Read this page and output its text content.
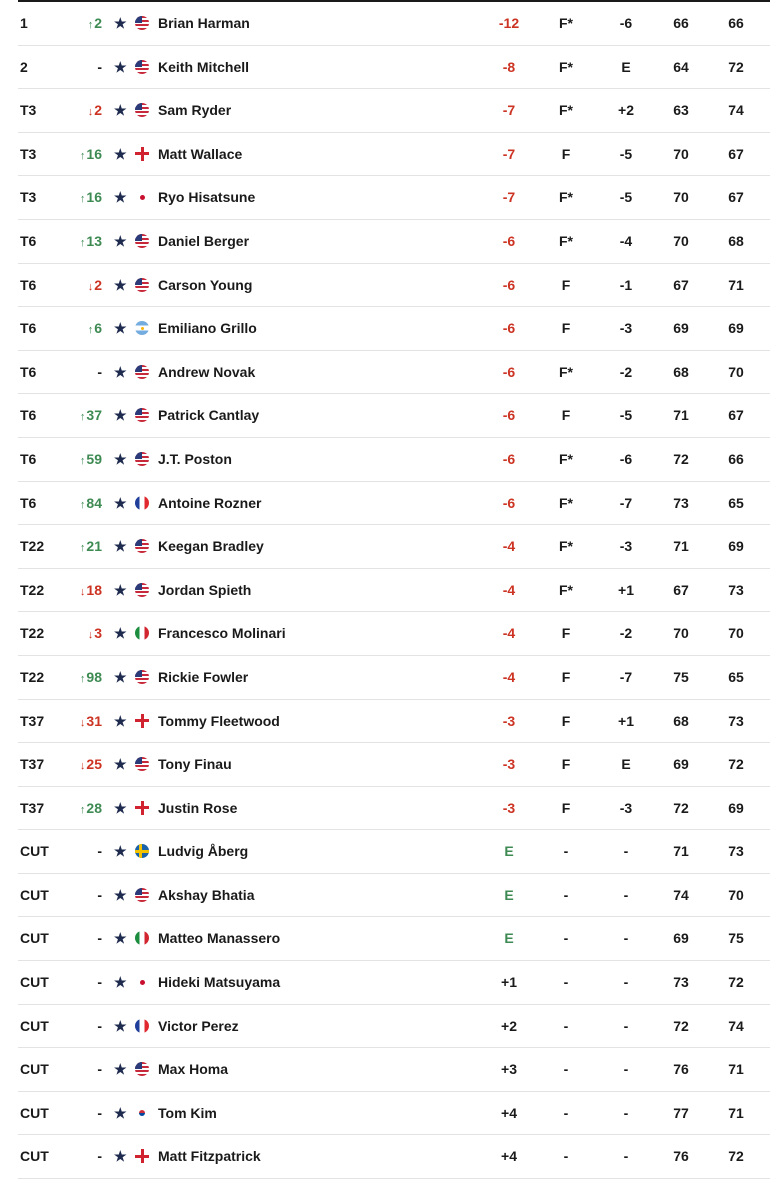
1	↑2 ★ Brian Harman	-12	F*	-6	66	66
2	- ★ Keith Mitchell	-8	F*	E	64	72
T3	↓2 ★ Sam Ryder	-7	F*	+2	63	74
T3	↑16 ★ Matt Wallace	-7	F	-5	70	67
T3	↑16 ★ Ryo Hisatsune	-7	F*	-5	70	67
T6	↑13 ★ Daniel Berger	-6	F*	-4	70	68
T6	↓2 ★ Carson Young	-6	F	-1	67	71
T6	↑6 ★ Emiliano Grillo	-6	F	-3	69	69
T6	- ★ Andrew Novak	-6	F*	-2	68	70
T6	↑37 ★ Patrick Cantlay	-6	F	-5	71	67
T6	↑59 ★ J.T. Poston	-6	F*	-6	72	66
T6	↑84 ★ Antoine Rozner	-6	F*	-7	73	65
T22	↑21 ★ Keegan Bradley	-4	F*	-3	71	69
T22	↓18 ★ Jordan Spieth	-4	F*	+1	67	73
T22	↓3 ★ Francesco Molinari	-4	F	-2	70	70
T22	↑98 ★ Rickie Fowler	-4	F	-7	75	65
T37	↓31 ★ Tommy Fleetwood	-3	F	+1	68	73
T37	↓25 ★ Tony Finau	-3	F	E	69	72
T37	↑28 ★ Justin Rose	-3	F	-3	72	69
CUT	- ★ Ludvig Åberg	E	-	-	71	73
CUT	- ★ Akshay Bhatia	E	-	-	74	70
CUT	- ★ Matteo Manassero	E	-	-	69	75
CUT	- ★ Hideki Matsuyama	+1	-	-	73	72
CUT	- ★ Victor Perez	+2	-	-	72	74
CUT	- ★ Max Homa	+3	-	-	76	71
CUT	- ★ Tom Kim	+4	-	-	77	71
CUT	- ★ Matt Fitzpatrick	+4	-	-	76	72
